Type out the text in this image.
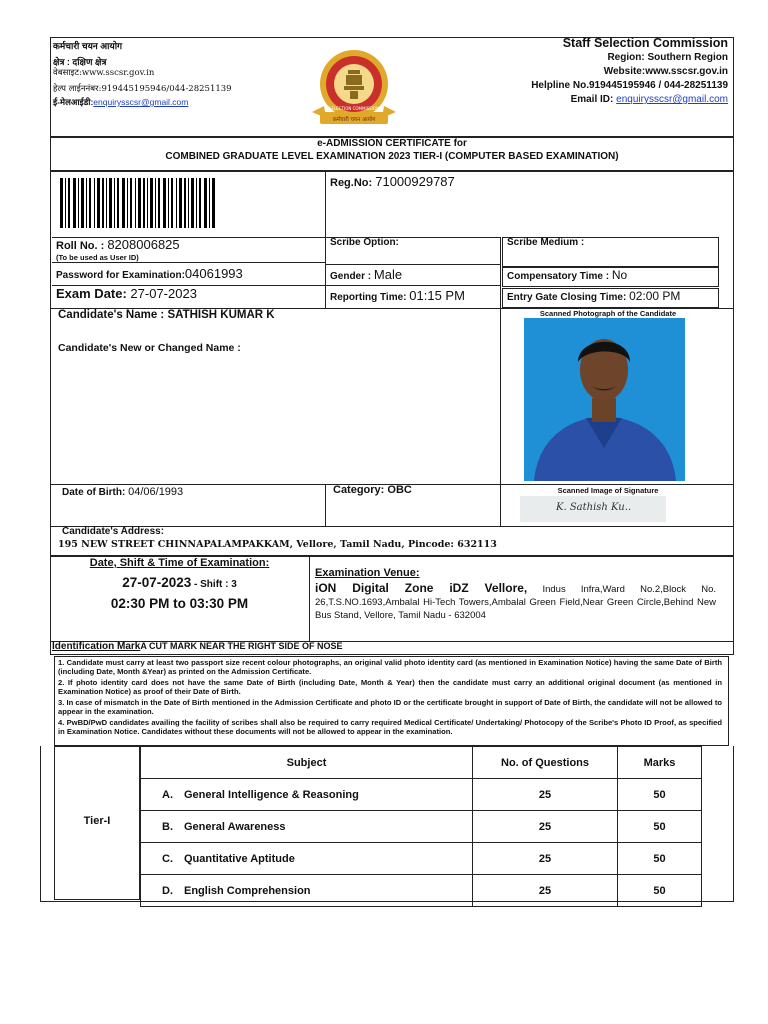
कर्मचारी चयन आयोग
क्षेत्र : दक्षिण क्षेत्र
वेबसाइट:www.sscsr.gov.in
हेल्प लाईननंबर:919445195946/044-28251139
ई-मेलआईडी:enquirysscsr@gmail.com
SELECTION COMMISSION
कर्मचारी चयन आयोग
Staff Selection Commission
Region: Southern Region
Website:www.sscsr.gov.in
Helpline No.919445195946 / 044-28251139
Email ID: enquirysscsr@gmail.com
e-ADMISSION CERTIFICATE for
COMBINED GRADUATE LEVEL EXAMINATION 2023 TIER-I (COMPUTER BASED EXAMINATION)
Reg.No: 71000929787
Roll No. : 8208006825
(To be used as User ID)
Password for Examination:04061993
Exam Date: 27-07-2023
Scribe Option:
Gender : Male
Reporting Time: 01:15 PM
Scribe Medium :
Compensatory Time : No
Entry Gate Closing Time: 02:00 PM
Candidate's Name : SATHISH KUMAR K
Candidate's New or Changed Name :
Scanned Photograph of the Candidate
Date of Birth: 04/06/1993	Category: OBC	Scanned Image of Signature
K. Sathish Ku..
Candidate's Address:
195 NEW STREET CHINNAPALAMPAKKAM, Vellore, Tamil Nadu, Pincode: 632113
Date, Shift & Time of Examination:
27-07-2023 - Shift : 3
02:30 PM to 03:30 PM
Examination Venue:
iON Digital Zone iDZ Vellore, Indus Infra,Ward No.2,Block No. 26,T.S.NO.1693,Ambalal Hi-Tech Towers,Ambalal Green Field,Near Green Circle,Behind New Bus Stand, Vellore, Tamil Nadu - 632004
Identification MarkA CUT MARK NEAR THE RIGHT SIDE OF NOSE

1. Candidate must carry at least two passport size recent colour photographs, an original valid photo identity card (as mentioned in Examination Notice) having the same Date of Birth (including Date, Month &Year) as printed on the Admission Certificate.

2. If photo identity card does not have the same Date of Birth (including Date, Month & Year) then the candidate must carry an additional original document (as mentioned in Examination Notice) as proof of their Date of Birth.

3. In case of mismatch in the Date of Birth mentioned in the Admission Certificate and photo ID or the certificate brought in support of Date of Birth, the candidate will not be allowed to appear in the examination.

4. PwBD/PwD candidates availing the facility of scribes shall also be required to carry required Medical Certificate/ Undertaking/ Photocopy of the Scribe's Photo ID Proof, as specified in Examination Notice. Candidates without these documents will not be allowed to appear in the examination.

Tier-I
Subject	No. of Questions	Marks
A. General Intelligence & Reasoning	25	50
B. General Awareness	25	50
C. Quantitative Aptitude	25	50
D. English Comprehension	25	50
